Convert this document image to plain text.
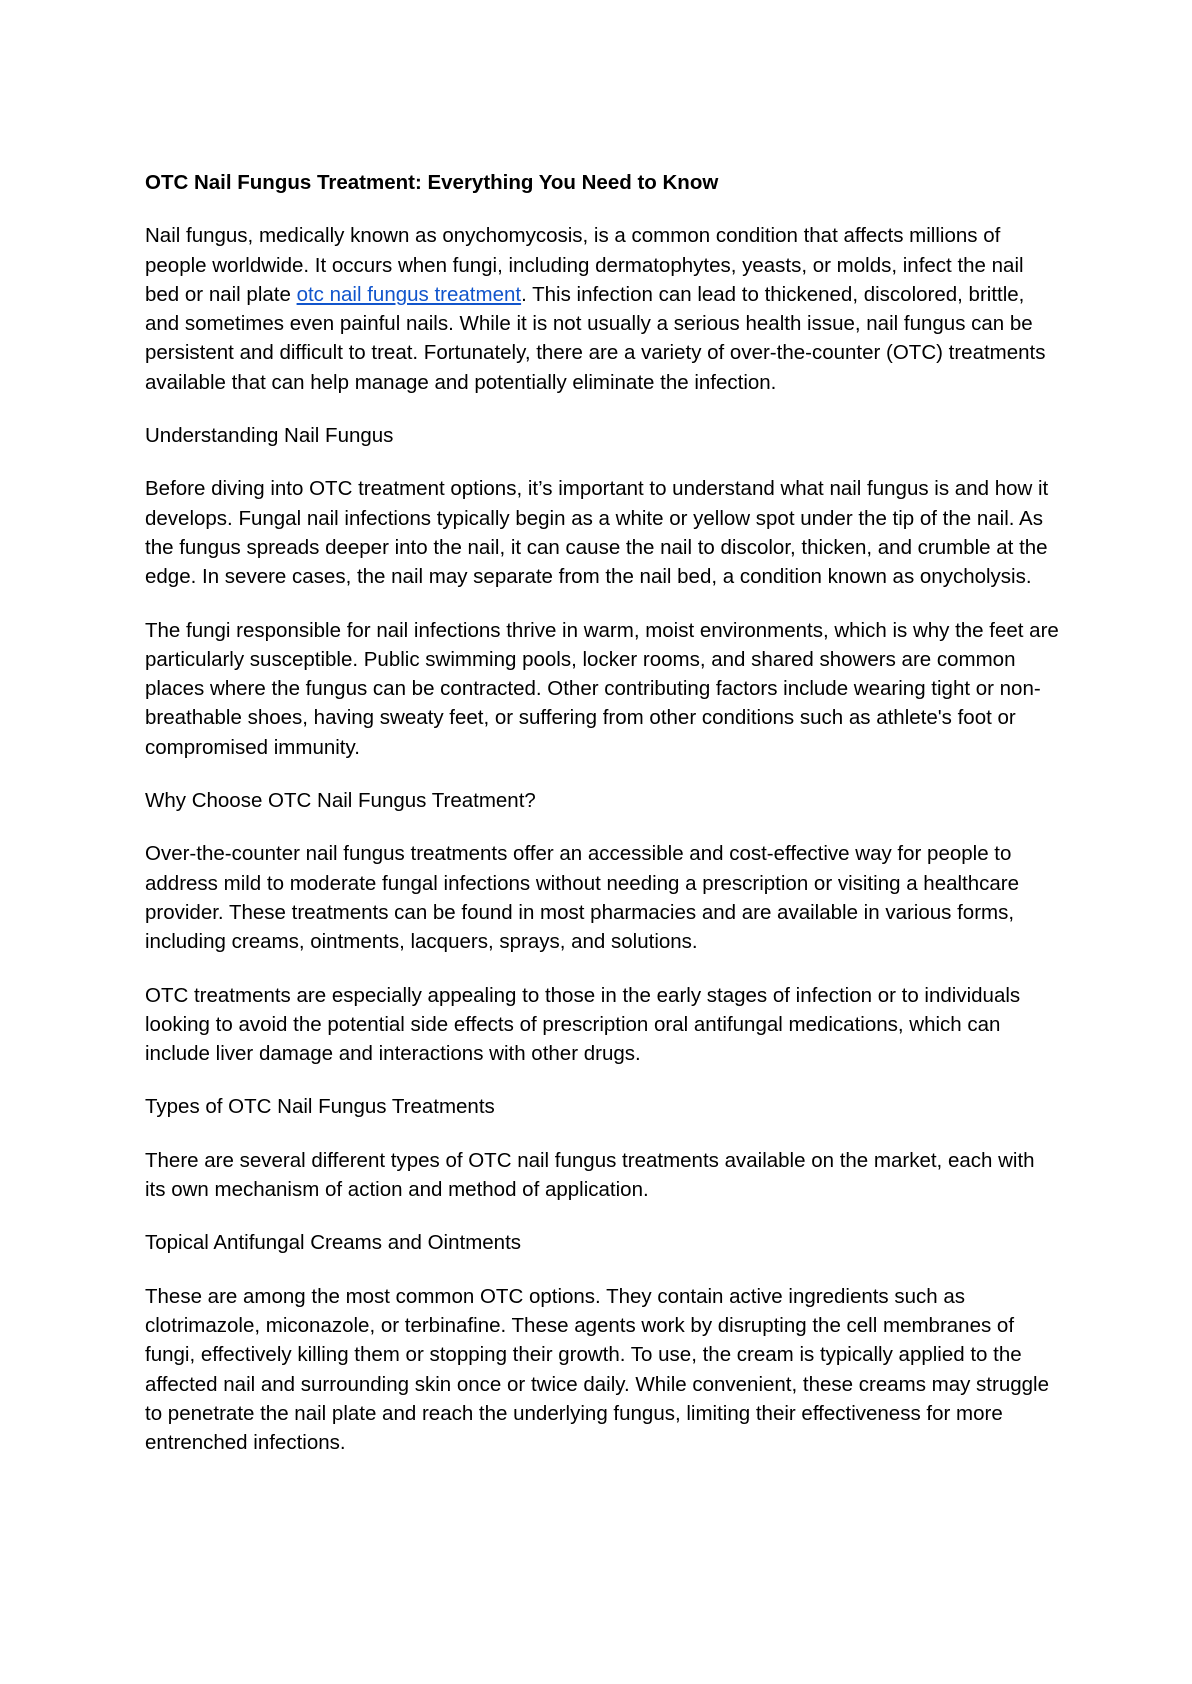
OTC Nail Fungus Treatment: Everything You Need to Know

Nail fungus, medically known as onychomycosis, is a common condition that affects millions of people worldwide. It occurs when fungi, including dermatophytes, yeasts, or molds, infect the nail bed or nail plate otc nail fungus treatment. This infection can lead to thickened, discolored, brittle, and sometimes even painful nails. While it is not usually a serious health issue, nail fungus can be persistent and difficult to treat. Fortunately, there are a variety of over-the-counter (OTC) treatments available that can help manage and potentially eliminate the infection.

Understanding Nail Fungus

Before diving into OTC treatment options, it’s important to understand what nail fungus is and how it develops. Fungal nail infections typically begin as a white or yellow spot under the tip of the nail. As the fungus spreads deeper into the nail, it can cause the nail to discolor, thicken, and crumble at the edge. In severe cases, the nail may separate from the nail bed, a condition known as onycholysis.

The fungi responsible for nail infections thrive in warm, moist environments, which is why the feet are particularly susceptible. Public swimming pools, locker rooms, and shared showers are common places where the fungus can be contracted. Other contributing factors include wearing tight or non-breathable shoes, having sweaty feet, or suffering from other conditions such as athlete's foot or compromised immunity.

Why Choose OTC Nail Fungus Treatment?

Over-the-counter nail fungus treatments offer an accessible and cost-effective way for people to address mild to moderate fungal infections without needing a prescription or visiting a healthcare provider. These treatments can be found in most pharmacies and are available in various forms, including creams, ointments, lacquers, sprays, and solutions.

OTC treatments are especially appealing to those in the early stages of infection or to individuals looking to avoid the potential side effects of prescription oral antifungal medications, which can include liver damage and interactions with other drugs.

Types of OTC Nail Fungus Treatments

There are several different types of OTC nail fungus treatments available on the market, each with its own mechanism of action and method of application.

Topical Antifungal Creams and Ointments

These are among the most common OTC options. They contain active ingredients such as clotrimazole, miconazole, or terbinafine. These agents work by disrupting the cell membranes of fungi, effectively killing them or stopping their growth. To use, the cream is typically applied to the affected nail and surrounding skin once or twice daily. While convenient, these creams may struggle to penetrate the nail plate and reach the underlying fungus, limiting their effectiveness for more entrenched infections.
